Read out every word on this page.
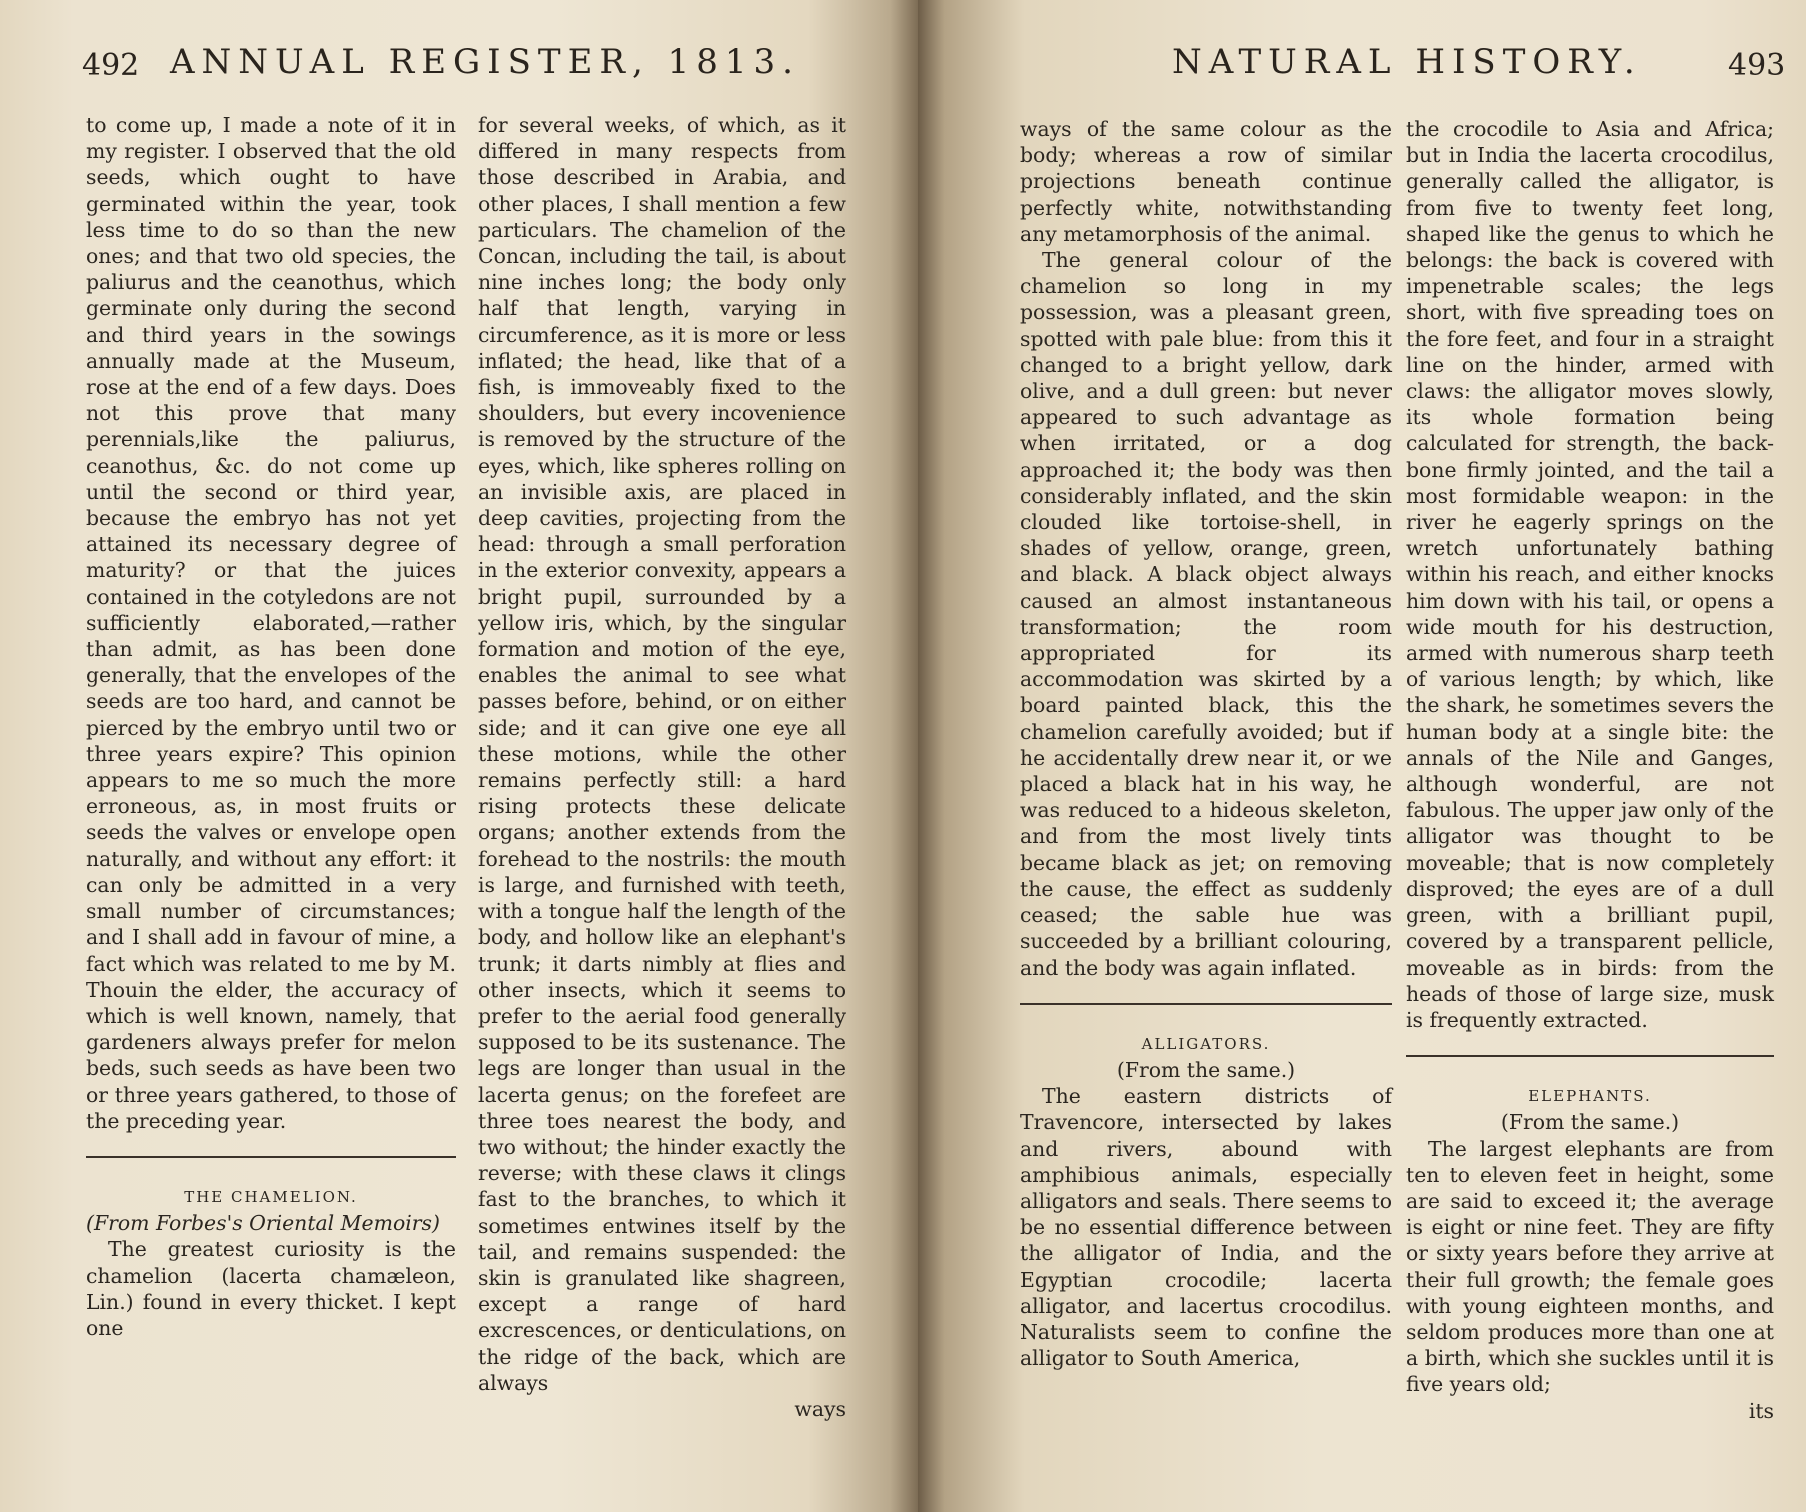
492 ANNUAL REGISTER, 1813.

to come up, I made a note of it in my register. I observed that the old seeds, which ought to have germinated within the year, took less time to do so than the new ones; and that two old species, the paliurus and the ceanothus, which germinate only during the second and third years in the sowings annually made at the Museum, rose at the end of a few days. Does not this prove that many perennials,like the paliurus, ceanothus, &c. do not come up until the second or third year, because the embryo has not yet attained its necessary degree of maturity? or that the juices contained in the cotyledons are not sufficiently elaborated,—rather than admit, as has been done generally, that the envelopes of the seeds are too hard, and cannot be pierced by the embryo until two or three years expire? This opinion appears to me so much the more erroneous, as, in most fruits or seeds the valves or envelope open naturally, and without any effort: it can only be admitted in a very small number of circumstances; and I shall add in favour of mine, a fact which was related to me by M. Thouin the elder, the accuracy of which is well known, namely, that gardeners always prefer for melon beds, such seeds as have been two or three years gathered, to those of the preceding year.

THE CHAMELION.

(From Forbes's Oriental Memoirs)

The greatest curiosity is the chamelion (lacerta chamæleon, Lin.) found in every thicket. I kept one

for several weeks, of which, as it differed in many respects from those described in Arabia, and other places, I shall mention a few particulars. The chamelion of the Concan, including the tail, is about nine inches long; the body only half that length, varying in circumference, as it is more or less inflated; the head, like that of a fish, is immoveably fixed to the shoulders, but every incovenience is removed by the structure of the eyes, which, like spheres rolling on an invisible axis, are placed in deep cavities, projecting from the head: through a small perforation in the exterior convexity, appears a bright pupil, surrounded by a yellow iris, which, by the singular formation and motion of the eye, enables the animal to see what passes before, behind, or on either side; and it can give one eye all these motions, while the other remains perfectly still: a hard rising protects these delicate organs; another extends from the forehead to the nostrils: the mouth is large, and furnished with teeth, with a tongue half the length of the body, and hollow like an elephant's trunk; it darts nimbly at flies and other insects, which it seems to prefer to the aerial food generally supposed to be its sustenance. The legs are longer than usual in the lacerta genus; on the forefeet are three toes nearest the body, and two without; the hinder exactly the reverse; with these claws it clings fast to the branches, to which it sometimes entwines itself by the tail, and remains suspended: the skin is granulated like shagreen, except a range of hard excrescences, or denticulations, on the ridge of the back, which are always

ways

NATURAL HISTORY.	493

ways of the same colour as the body; whereas a row of similar projections beneath continue perfectly white, notwithstanding any metamorphosis of the animal.

The general colour of the chamelion so long in my possession, was a pleasant green, spotted with pale blue: from this it changed to a bright yellow, dark olive, and a dull green: but never appeared to such advantage as when irritated, or a dog approached it; the body was then considerably inflated, and the skin clouded like tortoise-shell, in shades of yellow, orange, green, and black. A black object always caused an almost instantaneous transformation; the room appropriated for its accommodation was skirted by a board painted black, this the chamelion carefully avoided; but if he accidentally drew near it, or we placed a black hat in his way, he was reduced to a hideous skeleton, and from the most lively tints became black as jet; on removing the cause, the effect as suddenly ceased; the sable hue was succeeded by a brilliant colouring, and the body was again inflated.

ALLIGATORS.

(From the same.)

The eastern districts of Travencore, intersected by lakes and rivers, abound with amphibious animals, especially alligators and seals. There seems to be no essential difference between the alligator of India, and the Egyptian crocodile; lacerta alligator, and lacertus crocodilus. Naturalists seem to confine the alligator to South America,

the crocodile to Asia and Africa; but in India the lacerta crocodilus, generally called the alligator, is from five to twenty feet long, shaped like the genus to which he belongs: the back is covered with impenetrable scales; the legs short, with five spreading toes on the fore feet, and four in a straight line on the hinder, armed with claws: the alligator moves slowly, its whole formation being calculated for strength, the back-bone firmly jointed, and the tail a most formidable weapon: in the river he eagerly springs on the wretch unfortunately bathing within his reach, and either knocks him down with his tail, or opens a wide mouth for his destruction, armed with numerous sharp teeth of various length; by which, like the shark, he sometimes severs the human body at a single bite: the annals of the Nile and Ganges, although wonderful, are not fabulous. The upper jaw only of the alligator was thought to be moveable; that is now completely disproved; the eyes are of a dull green, with a brilliant pupil, covered by a transparent pellicle, moveable as in birds: from the heads of those of large size, musk is frequently extracted.

ELEPHANTS.

(From the same.)

The largest elephants are from ten to eleven feet in height, some are said to exceed it; the average is eight or nine feet. They are fifty or sixty years before they arrive at their full growth; the female goes with young eighteen months, and seldom produces more than one at a birth, which she suckles until it is five years old;

its
